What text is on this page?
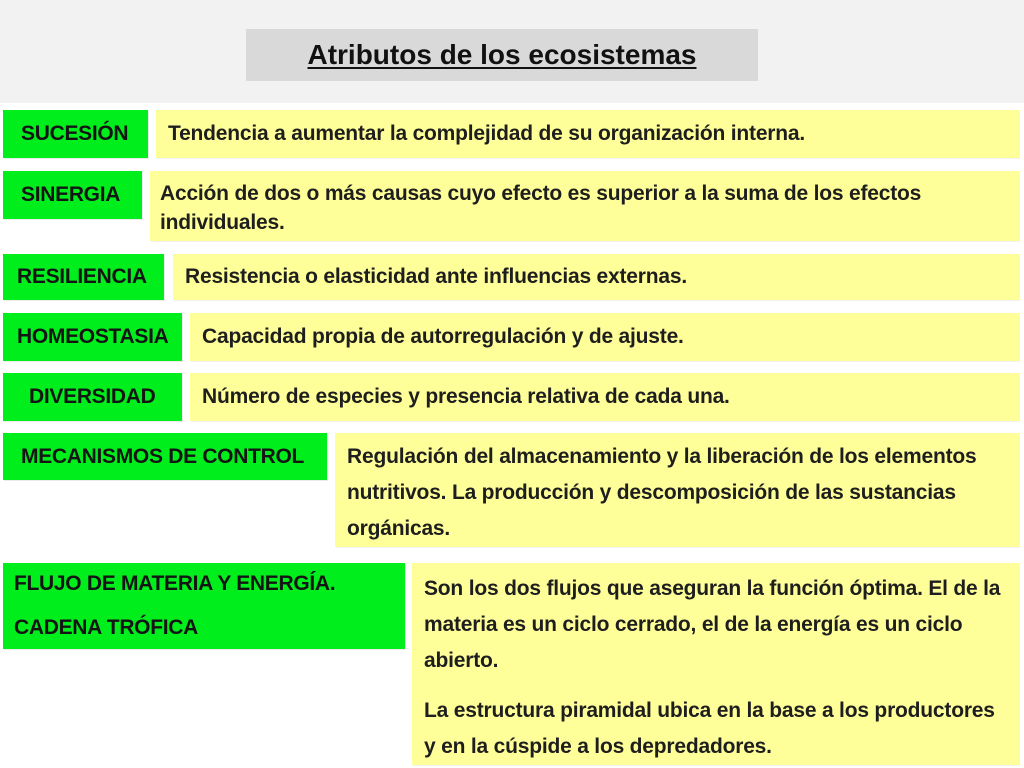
Atributos de los ecosistemas
SUCESIÓN Tendencia a aumentar la complejidad de su organización interna.
SINERGIA	Acción de dos o más causas cuyo efecto es superior a la suma de los efectos individuales.
RESILIENCIA Resistencia o elasticidad ante influencias externas.
HOMEOSTASIA Capacidad propia de autorregulación y de ajuste.
DIVERSIDAD Número de especies y presencia relativa de cada una.
MECANISMOS DE CONTROL	Regulación del almacenamiento y la liberación de los elementos nutritivos. La producción y descomposición de las sustancias orgánicas.
FLUJO DE MATERIA Y ENERGÍA.
CADENA TRÓFICA

Son los dos flujos que aseguran la función óptima. El de la materia es un ciclo cerrado, el de la energía es un ciclo abierto.

La estructura piramidal ubica en la base a los productores y en la cúspide a los depredadores.
